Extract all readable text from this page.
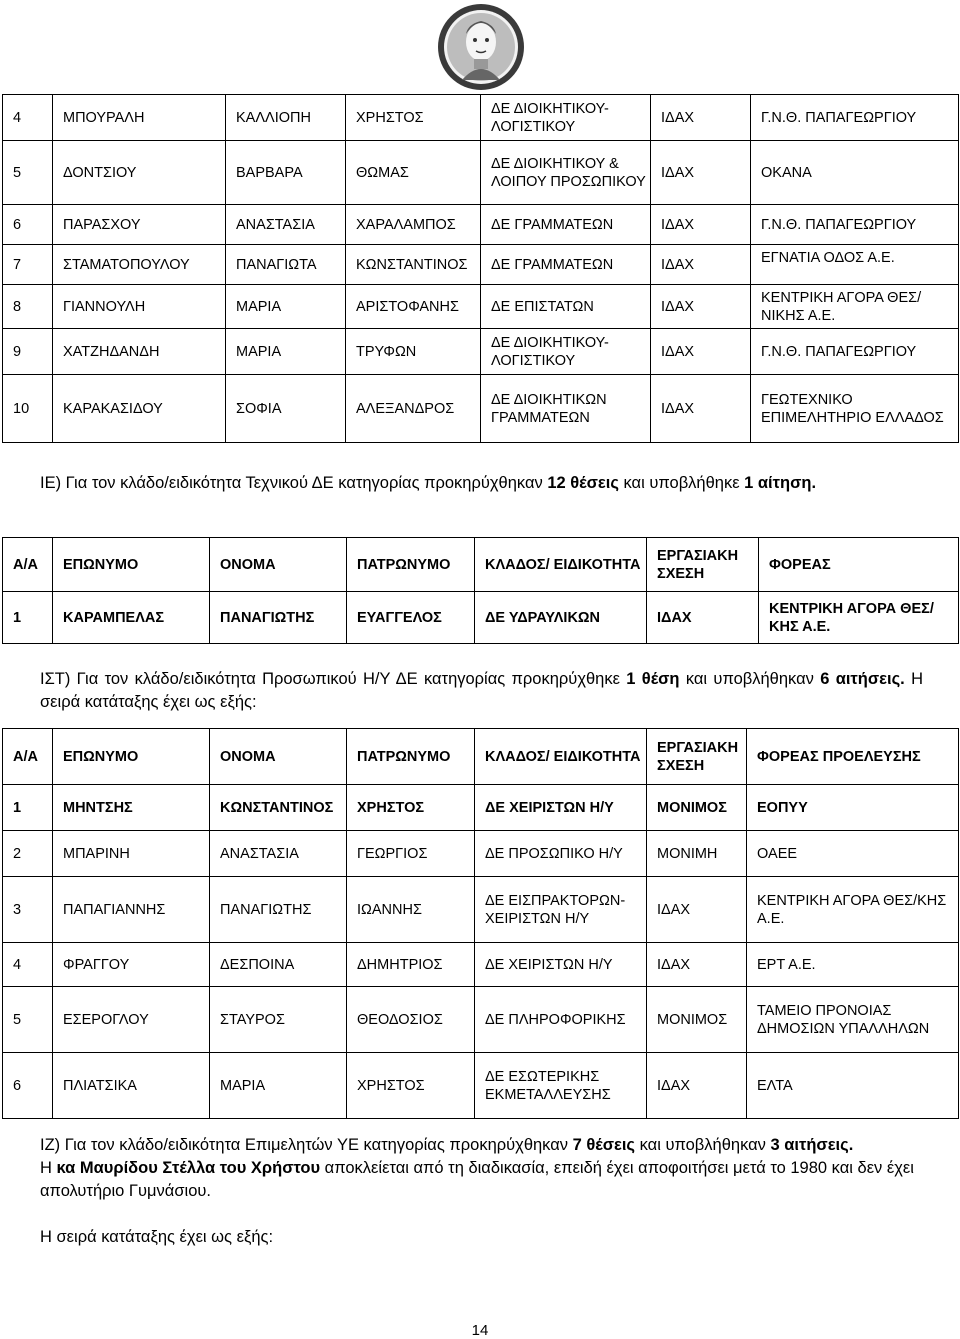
4	ΜΠΟΥΡΑΛΗ	ΚΑΛΛΙΟΠΗ	ΧΡΗΣΤΟΣ	ΔΕ ΔΙΟΙΚΗΤΙΚΟΥ-ΛΟΓΙΣΤΙΚΟΥ	ΙΔΑΧ	Γ.Ν.Θ. ΠΑΠΑΓΕΩΡΓΙΟΥ
5	ΔΟΝΤΣΙΟΥ	ΒΑΡΒΑΡΑ	ΘΩΜΑΣ	ΔΕ ΔΙΟΙΚΗΤΙΚΟΥ & ΛΟΙΠΟΥ ΠΡΟΣΩΠΙΚΟΥ	ΙΔΑΧ	ΟΚΑΝΑ
6	ΠΑΡΑΣΧΟΥ	ΑΝΑΣΤΑΣΙΑ	ΧΑΡΑΛΑΜΠΟΣ	ΔΕ ΓΡΑΜΜΑΤΕΩΝ	ΙΔΑΧ	Γ.Ν.Θ. ΠΑΠΑΓΕΩΡΓΙΟΥ
7	ΣΤΑΜΑΤΟΠΟΥΛΟΥ	ΠΑΝΑΓΙΩΤΑ	ΚΩΝΣΤΑΝΤΙΝΟΣ	ΔΕ ΓΡΑΜΜΑΤΕΩΝ	ΙΔΑΧ	ΕΓΝΑΤΙΑ ΟΔΟΣ Α.Ε.
8	ΓΙΑΝΝΟΥΛΗ	ΜΑΡΙΑ	ΑΡΙΣΤΟΦΑΝΗΣ	ΔΕ ΕΠΙΣΤΑΤΩΝ	ΙΔΑΧ	ΚΕΝΤΡΙΚΗ ΑΓΟΡΑ ΘΕΣ/ΝΙΚΗΣ Α.Ε.
9	ΧΑΤΖΗΔΑΝΔΗ	ΜΑΡΙΑ	ΤΡΥΦΩΝ	ΔΕ ΔΙΟΙΚΗΤΙΚΟΥ-ΛΟΓΙΣΤΙΚΟΥ	ΙΔΑΧ	Γ.Ν.Θ. ΠΑΠΑΓΕΩΡΓΙΟΥ
10	ΚΑΡΑΚΑΣΙΔΟΥ	ΣΟΦΙΑ	ΑΛΕΞΑΝΔΡΟΣ	ΔΕ ΔΙΟΙΚΗΤΙΚΩΝ ΓΡΑΜΜΑΤΕΩΝ	ΙΔΑΧ	ΓΕΩΤΕΧΝΙΚΟ ΕΠΙΜΕΛΗΤΗΡΙΟ ΕΛΛΑΔΟΣ
ΙΕ) Για τον κλάδο/ειδικότητα Τεχνικού ΔΕ κατηγορίας προκηρύχθηκαν 12 θέσεις και υποβλήθηκε 1 αίτηση.
Α/Α	ΕΠΩΝΥΜΟ	ΟΝΟΜΑ	ΠΑΤΡΩΝΥΜΟ	ΚΛΑΔΟΣ/ ΕΙΔΙΚΟΤΗΤΑ	ΕΡΓΑΣΙΑΚΗ ΣΧΕΣΗ	ΦΟΡΕΑΣ
1	ΚΑΡΑΜΠΕΛΑΣ	ΠΑΝΑΓΙΩΤΗΣ	ΕΥΑΓΓΕΛΟΣ	ΔΕ ΥΔΡΑΥΛΙΚΩΝ	ΙΔΑΧ	ΚΕΝΤΡΙΚΗ ΑΓΟΡΑ ΘΕΣ/ΚΗΣ Α.Ε.
ΙΣΤ) Για τον κλάδο/ειδικότητα Προσωπικού Η/Υ ΔΕ κατηγορίας προκηρύχθηκε 1 θέση και υποβλήθηκαν 6 αιτήσεις. Η σειρά κατάταξης έχει ως εξής:
Α/Α	ΕΠΩΝΥΜΟ	ΟΝΟΜΑ	ΠΑΤΡΩΝΥΜΟ	ΚΛΑΔΟΣ/ ΕΙΔΙΚΟΤΗΤΑ	ΕΡΓΑΣΙΑΚΗ ΣΧΕΣΗ	ΦΟΡΕΑΣ ΠΡΟΕΛΕΥΣΗΣ
1	ΜΗΝΤΣΗΣ	ΚΩΝΣΤΑΝΤΙΝΟΣ	ΧΡΗΣΤΟΣ	ΔΕ ΧΕΙΡΙΣΤΩΝ Η/Υ	ΜΟΝΙΜΟΣ	ΕΟΠΥΥ
2	ΜΠΑΡΙΝΗ	ΑΝΑΣΤΑΣΙΑ	ΓΕΩΡΓΙΟΣ	ΔΕ ΠΡΟΣΩΠΙΚΟ Η/Υ	ΜΟΝΙΜΗ	ΟΑΕΕ
3	ΠΑΠΑΓΙΑΝΝΗΣ	ΠΑΝΑΓΙΩΤΗΣ	ΙΩΑΝΝΗΣ	ΔΕ ΕΙΣΠΡΑΚΤΟΡΩΝ-ΧΕΙΡΙΣΤΩΝ Η/Υ	ΙΔΑΧ	ΚΕΝΤΡΙΚΗ ΑΓΟΡΑ ΘΕΣ/ΚΗΣ Α.Ε.
4	ΦΡΑΓΓΟΥ	ΔΕΣΠΟΙΝΑ	ΔΗΜΗΤΡΙΟΣ	ΔΕ ΧΕΙΡΙΣΤΩΝ Η/Υ	ΙΔΑΧ	ΕΡΤ Α.Ε.
5	ΕΣΕΡΟΓΛΟΥ	ΣΤΑΥΡΟΣ	ΘΕΟΔΟΣΙΟΣ	ΔΕ ΠΛΗΡΟΦΟΡΙΚΗΣ	ΜΟΝΙΜΟΣ	ΤΑΜΕΙΟ ΠΡΟΝΟΙΑΣ ΔΗΜΟΣΙΩΝ ΥΠΑΛΛΗΛΩΝ
6	ΠΛΙΑΤΣΙΚΑ	ΜΑΡΙΑ	ΧΡΗΣΤΟΣ	ΔΕ ΕΣΩΤΕΡΙΚΗΣ ΕΚΜΕΤΑΛΛΕΥΣΗΣ	ΙΔΑΧ	ΕΛΤΑ
ΙΖ) Για τον κλάδο/ειδικότητα Επιμελητών ΥΕ κατηγορίας προκηρύχθηκαν 7 θέσεις και υποβλήθηκαν 3 αιτήσεις.
Η κα Μαυρίδου Στέλλα του Χρήστου αποκλείεται από τη διαδικασία, επειδή έχει αποφοιτήσει μετά το 1980 και δεν έχει απολυτήριο Γυμνάσιου.
Η σειρά κατάταξης έχει ως εξής:
14
